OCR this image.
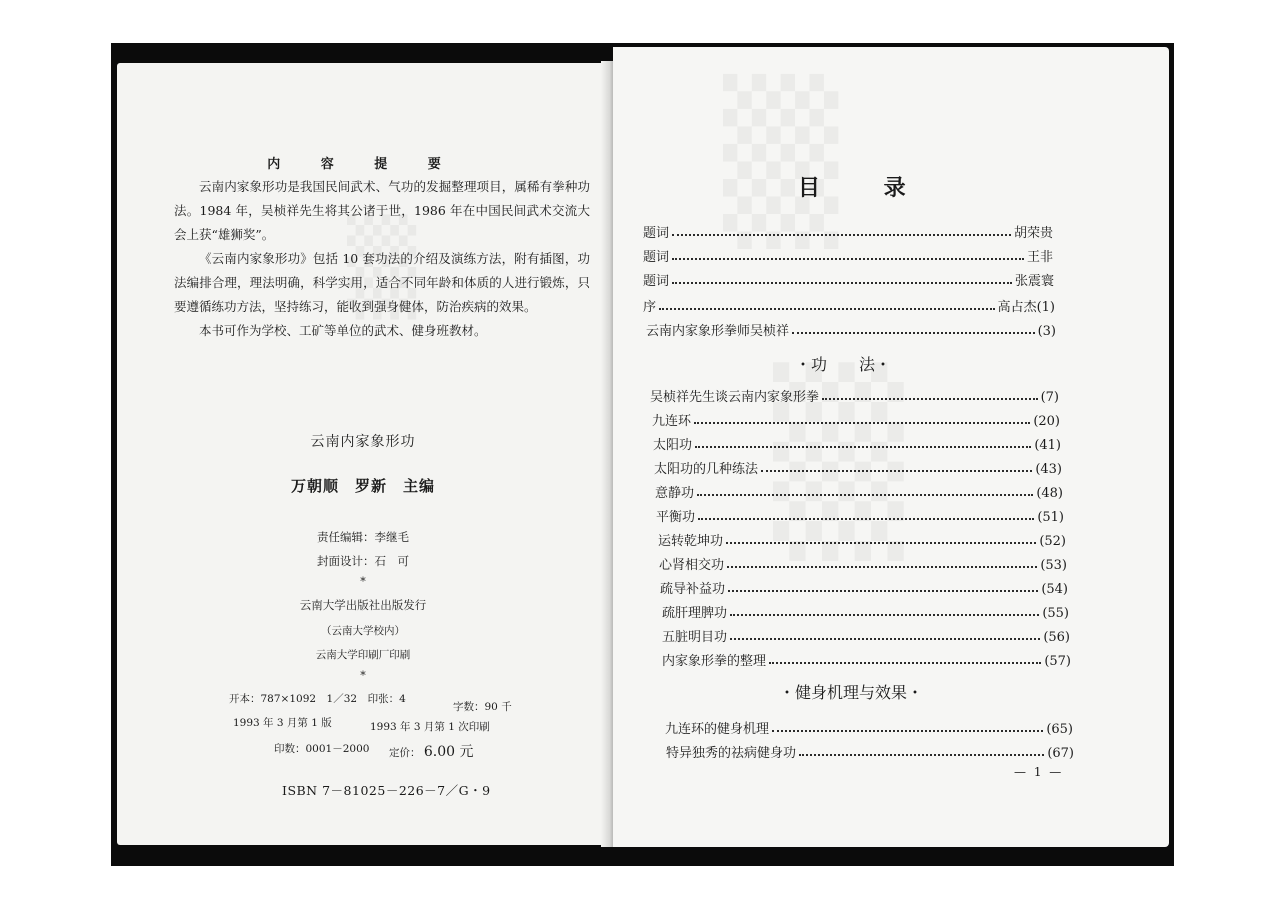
内 容 提 要

云南内家象形功是我国民间武术、气功的发掘整理项目，属稀有拳种功法。1984 年，吴桢祥先生将其公诸于世，1986 年在中国民间武术交流大会上获“雄狮奖”。

《云南内家象形功》包括 10 套功法的介绍及演练方法，附有插图，功法编排合理，理法明确，科学实用，适合不同年龄和体质的人进行锻炼，只要遵循练功方法，坚持练习，能收到强身健体，防治疾病的效果。

本书可作为学校、工矿等单位的武术、健身班教材。

云南内家象形功
万朝顺　罗新　主编
责任编辑：李继毛
封面设计：石　可
*
云南大学出版社出版发行
（云南大学校内）
云南大学印刷厂印刷
*
开本：787×1092　1／32　印张：4
字数：90 千
1993 年 3 月第 1 版	1993 年 3 月第 1 次印刷
印数：0001－2000 定价： 6.00 元
ISBN 7－81025－226－7／G・9
目 录
题词	胡荣贵
题词	王非
题词	张震寰
序	高占杰(1)
云南内家象形拳师吴桢祥	(3)
・功　　法・
吴桢祥先生谈云南内家象形拳	(7)
九连环	(20)
太阳功	(41)
太阳功的几种练法	(43)
意静功	(48)
平衡功	(51)
运转乾坤功	(52)
心肾相交功	(53)
疏导补益功	(54)
疏肝理脾功	(55)
五脏明目功	(56)
内家象形拳的整理	(57)
・健身机理与效果・
九连环的健身机理	(65)
特异独秀的祛病健身功	(67)
— 1 —
